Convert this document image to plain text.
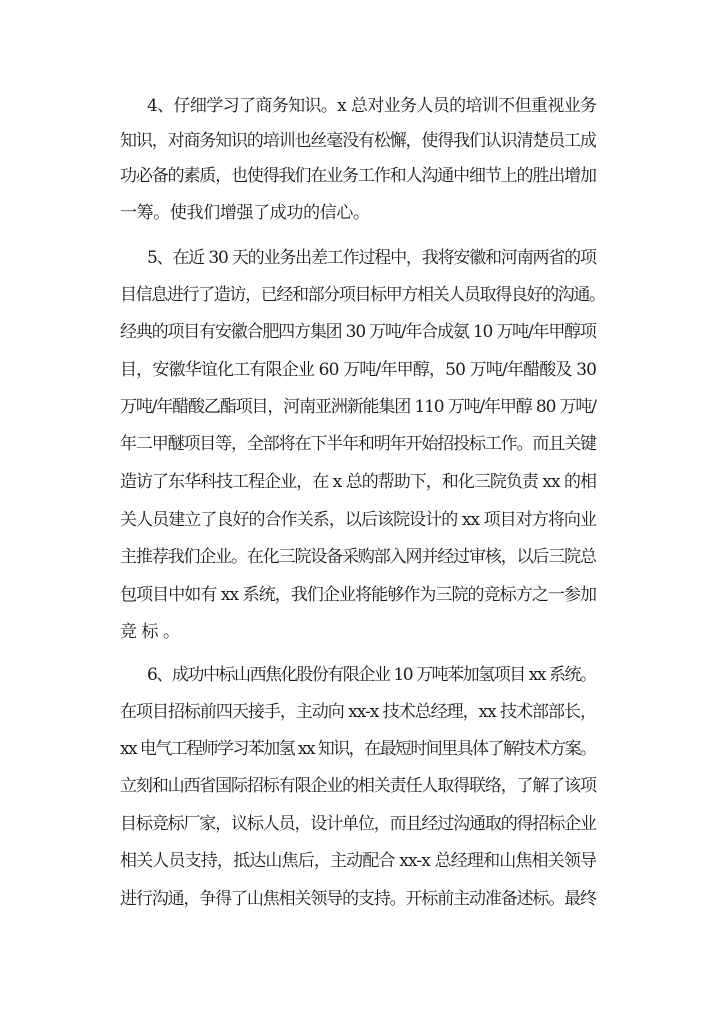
4、仔细学习了商务知识。x 总对业务人员的培训不但重视业务
知识，对商务知识的培训也丝毫没有松懈，使得我们认识清楚员工成
功必备的素质，也使得我们在业务工作和人沟通中细节上的胜出增加
一筹。使我们增强了成功的信心。
5、在近 30 天的业务出差工作过程中，我将安徽和河南两省的项
目信息进行了造访，已经和部分项目标甲方相关人员取得良好的沟通。
经典的项目有安徽合肥四方集团 30 万吨/年合成氨 10 万吨/年甲醇项
目，安徽华谊化工有限企业 60 万吨/年甲醇，50 万吨/年醋酸及 30
万吨/年醋酸乙酯项目，河南亚洲新能集团 110 万吨/年甲醇 80 万吨/
年二甲醚项目等，全部将在下半年和明年开始招投标工作。而且关键
造访了东华科技工程企业，在 x 总的帮助下，和化三院负责 xx 的相
关人员建立了良好的合作关系，以后该院设计的 xx 项目对方将向业
主推荐我们企业。在化三院设备采购部入网并经过审核，以后三院总
包项目中如有 xx 系统，我们企业将能够作为三院的竞标方之一参加
竞标。
6、成功中标山西焦化股份有限企业 10 万吨苯加氢项目 xx 系统。
在项目招标前四天接手，主动向 xx-x 技术总经理，xx 技术部部长，
xx 电气工程师学习苯加氢 xx 知识，在最短时间里具体了解技术方案。
立刻和山西省国际招标有限企业的相关责任人取得联络，了解了该项
目标竞标厂家，议标人员，设计单位，而且经过沟通取的得招标企业
相关人员支持，抵达山焦后，主动配合 xx-x 总经理和山焦相关领导
进行沟通，争得了山焦相关领导的支持。开标前主动准备述标。最终
